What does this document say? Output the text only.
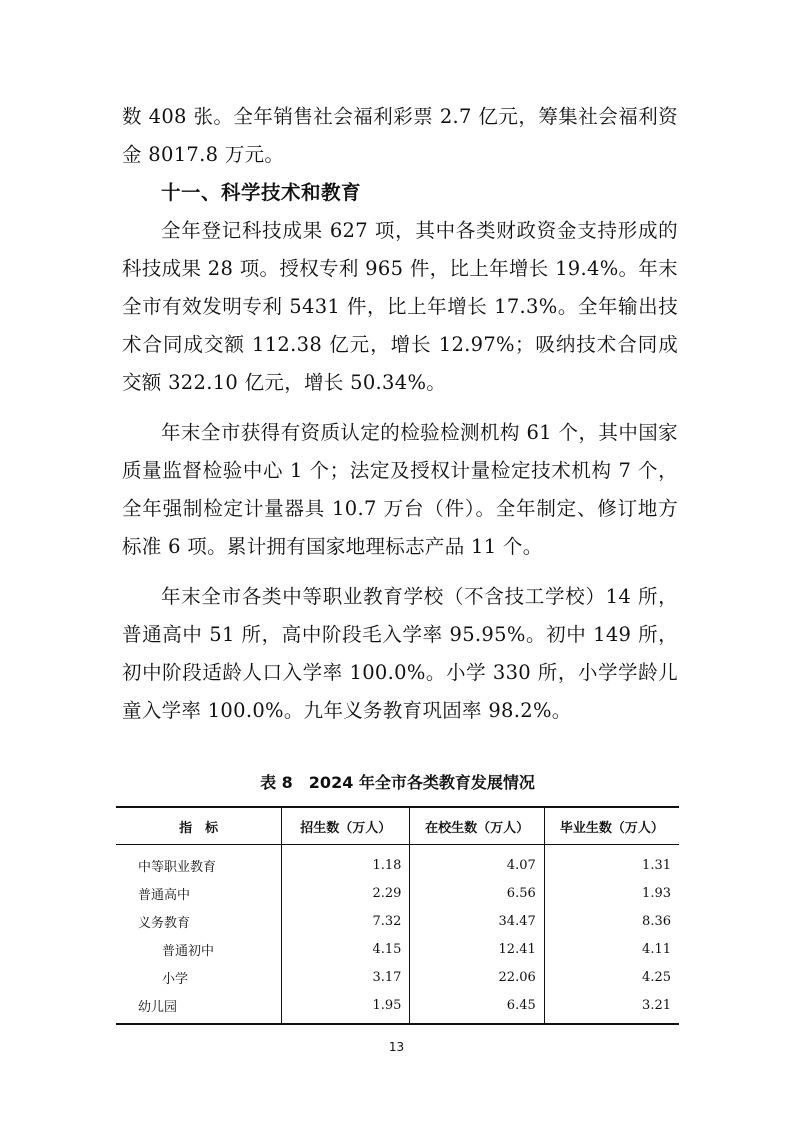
数 408 张。全年销售社会福利彩票 2.7 亿元，筹集社会福利资金 8017.8 万元。

十一、科学技术和教育

全年登记科技成果 627 项，其中各类财政资金支持形成的科技成果 28 项。授权专利 965 件，比上年增长 19.4%。年末全市有效发明专利 5431 件，比上年增长 17.3%。全年输出技术合同成交额 112.38 亿元，增长 12.97%；吸纳技术合同成交额 322.10 亿元，增长 50.34%。

年末全市获得有资质认定的检验检测机构 61 个，其中国家质量监督检验中心 1 个；法定及授权计量检定技术机构 7 个，全年强制检定计量器具 10.7 万台（件）。全年制定、修订地方标准 6 项。累计拥有国家地理标志产品 11 个。

年末全市各类中等职业教育学校（不含技工学校）14 所，普通高中 51 所，高中阶段毛入学率 95.95%。初中 149 所，初中阶段适龄人口入学率 100.0%。小学 330 所，小学学龄儿童入学率 100.0%。九年义务教育巩固率 98.2%。

表 8　2024 年全市各类教育发展情况
指　标	招生数（万人）	在校生数（万人）	毕业生数（万人）
中等职业教育	1.18	4.07	1.31
普通高中	2.29	6.56	1.93
义务教育	7.32	34.47	8.36
普通初中	4.15	12.41	4.11
小学	3.17	22.06	4.25
幼儿园	1.95	6.45	3.21
13
